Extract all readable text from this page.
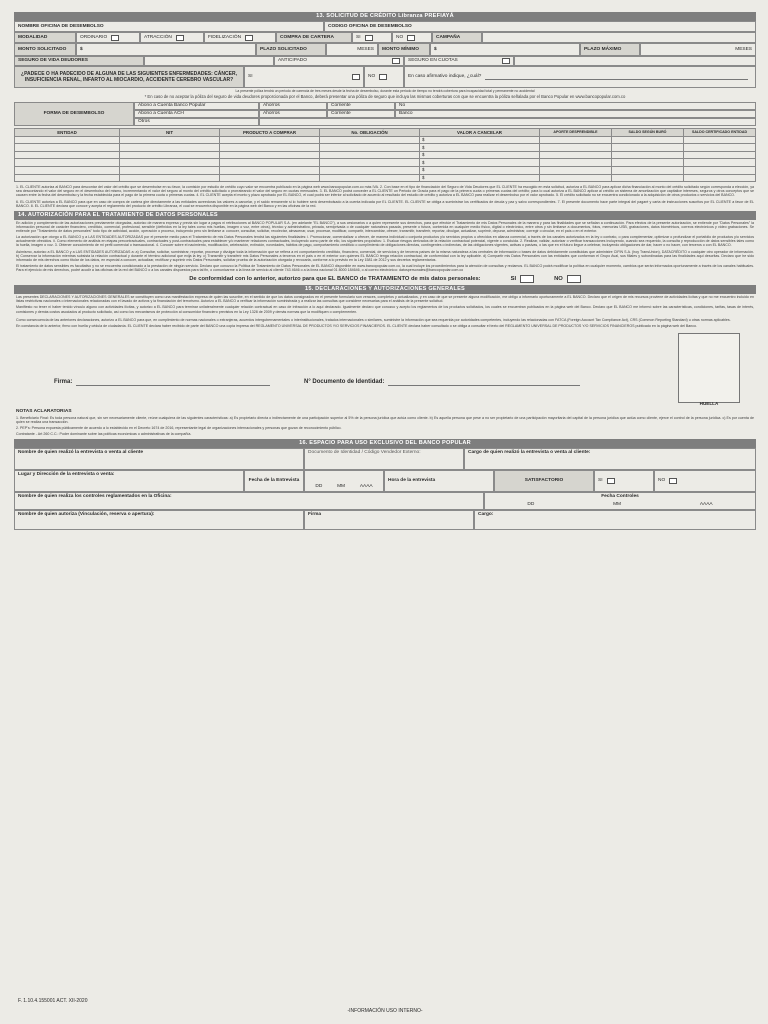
13. SOLICITUD DE CRÉDITO Libranza PREFIAYÁ
NOMBRE OFICINA DE DESEMBOLSO	CODIGO OFICINA DE DESEMBOLSO
MODALIDAD	ORDINARIO	ATRACCIÓN	FIDELIZACIÓN	COMPRA DE CARTERA	SI	NO	CAMPAÑA
MONTO SOLICITADO	$	PLAZO SOLICITADO	MESES	MONTO MÍNIMO	$	PLAZO MÁXIMO	MESES
SEGURO DE VIDA DEUDORES	ANTICIPADO	SEGURO EN CUOTAS
¿PADECE O HA PADECIDO DE ALGUNA DE LAS SIGUIENTES ENFERMEDADES: CÁNCER, INSUFICIENCIA RENAL, INFARTO AL MIOCARDIO, ACCIDENTE CEREBRO VASCULAR?
SI	NO	En caso afirmativo indique, ¿cuál?
La presente póliza tendrá un periodo de carencia de tres meses desde la fecha de desembolso, durante esta periodo de tiempo no tendrá cobertura para incapacidad total y permanente no accidental
* En caso de no aceptar la póliza del seguro de vida deudores proporcionada por el Banco, deberá presentar una póliza de seguro que incluya las mismas coberturas con que se encuentra la póliza señalada por el Banco Popular en www.bancopopular.com.co
FORMA DE DESEMBOLSO
Abono a Cuenta Banco Popular	Ahorros	Corriente	No
Abono a Cuenta ACH	Ahorros	Corriente	Banco
Otros
ENTIDAD	NIT	PRODUCTO A COMPRAR	No. OBLIGACIÓN	VALOR A CANCELAR	APORTE DESPRENDIBLE	SALDO SEGÚN BURÓ	SALDO CERTIFICADO ENTIDAD
				$			
				$			
				$			
				$			
				$			
				$			
1. EL CLIENTE autoriza al BANCO para descontar del valor del crédito que se desembolse en su favor, la comisión por estudio de crédito cuyo valor se encuentra publicado en la página web www.bancopopular.com.co más IVA. 2. Con base en el tipo de financiación del Seguro de Vida Deudores que EL CLIENTE ha escogido en esta solicitud, autoriza a EL BANCO para aplicar dicha financiación al monto del crédito solicitado según corresponda a elección, ya sea descontando el valor del seguro en el desembolso del mismo, incrementando el valor del seguro al monto del crédito solicitado o prorrateando el valor del seguro en cuotas mensuales. 3. EL BANCO podrá conceder a EL CLIENTE un Periodo de Gracia para el pago de la primera cuota o primeras cuotas del crédito; para lo cual autoriza a EL BANCO aplicar al crédito un sistema de amortización que capitalice intereses, seguros y otros conceptos que se causen entre la fecha del desembolso y la fecha establecida para el pago de la primera cuota o primeras cuotas. 4. EL CLIENTE acepta el monto y plazo aprobado por EL BANCO, el cual podrá ser inferior al solicitado de acuerdo al resultado del estudio de crédito y autoriza a EL BANCO para realizar el desembolso por el valor aprobado. 5. El crédito solicitado no se encuentra condicionado a la adquisición de otros productos o servicios del BANCO.
6. EL CLIENTE autoriza a EL BANCO para que en caso de compra de cartera gire directamente a las entidades acreedoras los valores a cancelar, y el saldo remanente si lo hubiere será desembolsado a la cuenta indicada por EL CLIENTE. EL CLIENTE se obliga a suministrar los certificados de deuda y paz y salvo correspondientes. 7. El presente documento hace parte integral del pagaré y carta de instrucciones suscritos por EL CLIENTE a favor de EL BANCO. 8. EL CLIENTE declara que conoce y acepta el reglamento del producto de crédito Libranza, el cual se encuentra disponible en la página web del Banco y en las oficinas de la red.
14. AUTORIZACIÓN PARA EL TRATAMIENTO DE DATOS PERSONALES
En adición y complemento de las autorizaciones previamente otorgadas, autorizo de manera expresa y previa sin lugar a pagos ni retribuciones al BANCO POPULAR S.A. (en adelante "EL BANCO"), a sus cesionarios o a quien represente sus derechos, para que efectúe el Tratamiento de mis Datos Personales de la manera y para las finalidades que se señalan a continuación. Para efectos de la presente autorización, se entiende por "Datos Personales" la información personal de carácter financiero, crediticio, comercial, profesional, sensible (definidos en la ley tales como mis huellas, imagen o voz, entre otros), técnico y administrativo, privada, semiprivada o de cualquier naturaleza pasada, presente o futura, contenida en cualquier medio físico, digital o electrónico, entre otros y sin limitarse a documentos, fotos, memorias USB, grabaciones, datos biométricos, correos electrónicos y video grabaciones. Se entiende por "Tratamiento de datos personales" todo tipo de actividad, acción, operación o proceso, incluyendo pero sin limitarse a: conocer, consultar, solicitar, recolectar, almacenar, usar, procesar, modificar, compartir, intercambiar, ofrecer, transmitir, transferir, reportar, divulgar, actualizar, suprimir, depurar, administrar, corregir o circular, en el país o en el exterior.
La autorización que otorgo a EL BANCO y a LAS ENTIDADES AUTORIZADAS por el presente medio para el Tratamiento de mis Datos Personales tendrá las siguientes finalidades: i. Promocionar, comercializar u ofrecer, de manera individual o conjunta productos y/o servicios propios u ofrecidos en alianza comercial, a través de los canales autorizados en la ley o contrato, o para complementar, optimizar o profundizar el portafolio de productos y/o servicios actualmente ofrecidos. ii. Como elemento de análisis en etapas precontractuales, contractuales y post-contractuales para establecer y/o mantener relaciones contractuales, incluyendo como parte de ello, los siguientes propósitos: 1. Evaluar riesgos derivados de la relación contractual potencial, vigente o concluida. 2. Realizar, validar, autorizar o verificar transacciones incluyendo, cuando sea requerido, la consulta y reproducción de datos sensibles tales como la huella, imagen o voz. 3. Obtener conocimiento de mi perfil comercial o transaccional. 4. Conocer sobre el nacimiento, modificación, celebración, extinción, novedades, hábitos de pago, comportamiento crediticio o cumplimiento de obligaciones directas, contingentes o indirectas, de las obligaciones vigentes, activas o pasivas, o las que en el futuro llegue a celebrar, incluyendo obligaciones de dar, hacer o no hacer, con terceros o con EL BANCO.
Asimismo, autorizo a EL BANCO y a LAS ENTIDADES AUTORIZADAS a: a) Consultar, solicitar, suministrar, reportar, procesar y divulgar toda la información que se refiera a mi comportamiento crediticio, financiero, comercial, de servicios y de terceros países de la misma naturaleza a las centrales de información o bases de datos debidamente constituidas que administre CIFIN S.A. (hoy TransUnion), DATACRÉDITO o cualquier otro operador de información. b) Conservar la información mientras subsista la relación contractual y durante el término adicional que exija la ley. c) Transmitir y transferir mis Datos Personales a terceros en el país o en el exterior con quienes EL BANCO tenga relación contractual, de conformidad con la ley aplicable. d) Compartir mis Datos Personales con las entidades que conforman el Grupo Aval, sus filiales y subordinadas para las finalidades aquí descritas. Declaro que he sido informado de mis derechos como titular de los datos, en especial a conocer, actualizar, rectificar y suprimir mis Datos Personales, solicitar prueba de la autorización otorgada y revocarla, conforme a lo previsto en la Ley 1581 de 2012 y sus decretos reglamentarios.
El tratamiento de datos sensibles es facultativo y no se encuentra condicionado a la prestación de ningún servicio. Declaro que conozco la Política de Tratamiento de Datos Personales de EL BANCO disponible en www.bancopopular.com.co, la cual incluye los procedimientos para la atención de consultas y reclamos. EL BANCO podrá modificar la política en cualquier momento, cambios que serán informados oportunamente a través de los canales habituales. Para el ejercicio de mis derechos, podré acudir a las oficinas de la red del BANCO o a los canales dispuestos para tal fin, o comunicarme a la línea de servicio al cliente 743 4646 o a la línea nacional 01 8000 184646, o al correo electrónico: datospersonales@bancopopular.com.co
De conformidad con lo anterior, autorizo para que EL BANCO de TRATAMIENTO de mis datos personales:	SI	NO
15. DECLARACIONES Y AUTORIZACIONES GENERALES
Las presentes DECLARACIONES Y AUTORIZACIONES GENERALES se constituyen como una manifestación expresa de quien las suscribe, en el sentido de que los datos consignados en el presente formulario son veraces, completos y actualizados, y en caso de que se presente alguna modificación, me obligo a informarlo oportunamente a EL BANCO. Declaro que el origen de mis recursos proviene de actividades lícitas y que no me encuentro incluido en listas restrictivas nacionales o internacionales relacionadas con el lavado de activos y la financiación del terrorismo. Autorizo a EL BANCO a verificar la información suministrada y a realizar las consultas que considere necesarias para el análisis de la presente solicitud.
Manifiesto no tener ni haber tenido vínculo alguno con actividades ilícitas, y autorizo a EL BANCO para terminar unilateralmente cualquier relación contractual en caso de infracción a lo aquí declarado. Igualmente declaro que conozco y acepto los reglamentos de los productos solicitados, los cuales se encuentran publicados en la página web del Banco. Declaro que EL BANCO me informó sobre las características, condiciones, tarifas, tasas de interés, comisiones y demás costos asociados al producto solicitado, así como los mecanismos de protección al consumidor financiero previstos en la Ley 1328 de 2009 y demás normas que la modifiquen o complementen.
Como consecuencia de las anteriores declaraciones, autorizo a EL BANCO para que, en cumplimiento de normas nacionales o extranjeras, acuerdos intergubernamentales o interinstitucionales, tratados internacionales o similares, suministre la información que sea requerida por autoridades competentes, incluyendo las relacionadas con FATCA (Foreign Account Tax Compliance Act), CRS (Common Reporting Standard) u otras normas aplicables.
En constancia de lo anterior, firmo con huella y cédula de ciudadanía. EL CLIENTE declara haber recibido de parte del BANCO una copia impresa del REGLAMENTO UNIVERSAL DE PRODUCTOS Y/O SERVICIOS FINANCIEROS. EL CLIENTE declara haber consultado o se obliga a consultar el texto del REGLAMENTO UNIVERSAL DE PRODUCTOS Y/O SERVICIOS FINANCIEROS publicado en la página web del Banco.
Firma:	N° Documento de Identidad:
HUELLA
NOTAS ACLARATORIAS
1. Beneficiario Final: Es toda persona natural que, sin ser necesariamente cliente, reúne cualquiera de las siguientes características: a) Es propietario directa o indirectamente de una participación superior al 5% de la persona jurídica que actúa como cliente. b) Es aquella persona que pese a no ser propietario de una participación mayoritaria del capital de la persona jurídica que actúa como cliente, ejerce el control de la persona jurídica. c) Es por cuenta de quien se realiza una transacción.
2. PEP's: Persona expuesta públicamente de acuerdo a lo establecido en el Decreto 1674 de 2016, representante legal de organizaciones internacionales y personas que gozan de reconocimiento público.
Contratante - Art 260 C.C.: Poder dominante sobre las políticas económicas o administrativas de la compañía.
16. ESPACIO PARA USO EXCLUSIVO DEL BANCO POPULAR
Nombre de quien realizó la entrevista o venta al cliente	Documento de Identidad / Código Vendedor Externo:	Cargo de quien realizó la entrevista o venta al cliente:
Lugar y Dirección de la entrevista o venta:
Fecha de la Entrevista
DD	MM	AAAA
Hora de la entrevista	SATISFACTORIO	SI	NO
Nombre de quien realiza los controles reglamentados en la Oficina:	Fecha Controles
DD	MM	AAAA
Nombre de quien autoriza (Vinculación, reserva o apertura):	Firma	Cargo:
F. 1.10.4.155001 ACT. XII-2020
-INFORMACIÓN USO INTERNO-
